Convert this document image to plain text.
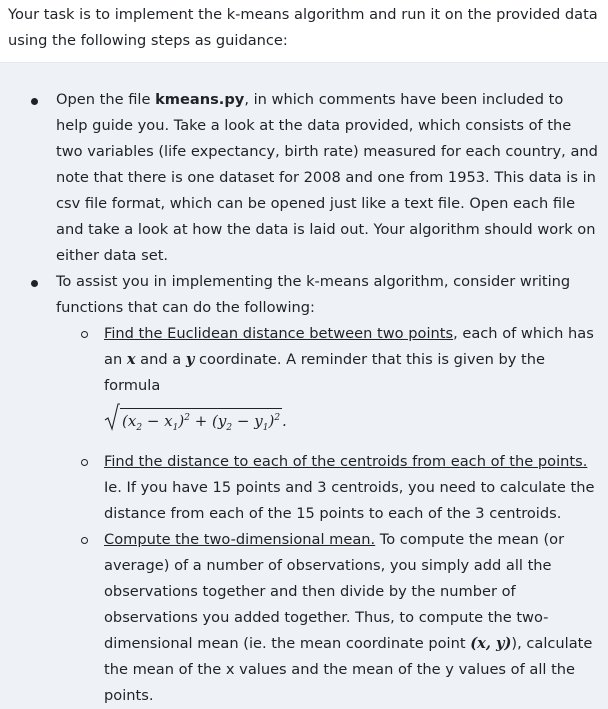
Your task is to implement the k-means algorithm and run it on the provided data using the following steps as guidance:

Open the file kmeans.py, in which comments have been included to help guide you. Take a look at the data provided, which consists of the two variables (life expectancy, birth rate) measured for each country, and note that there is one dataset for 2008 and one from 1953. This data is in csv file format, which can be opened just like a text file. Open each file and take a look at how the data is laid out. Your algorithm should work on either data set.
To assist you in implementing the k-means algorithm, consider writing functions that can do the following:
Find the Euclidean distance between two points, each of which has an x and a y coordinate. A reminder that this is given by the formula
$(x_2 - x_1)^2 + (y_2 - y_1)^2$ .
Find the distance to each of the centroids from each of the points. Ie. If you have 15 points and 3 centroids, you need to calculate the distance from each of the 15 points to each of the 3 centroids.
Compute the two-dimensional mean. To compute the mean (or average) of a number of observations, you simply add all the observations together and then divide by the number of observations you added together. Thus, to compute the two-dimensional mean (ie. the mean coordinate point (x, y)), calculate the mean of the x values and the mean of the y values of all the points.
